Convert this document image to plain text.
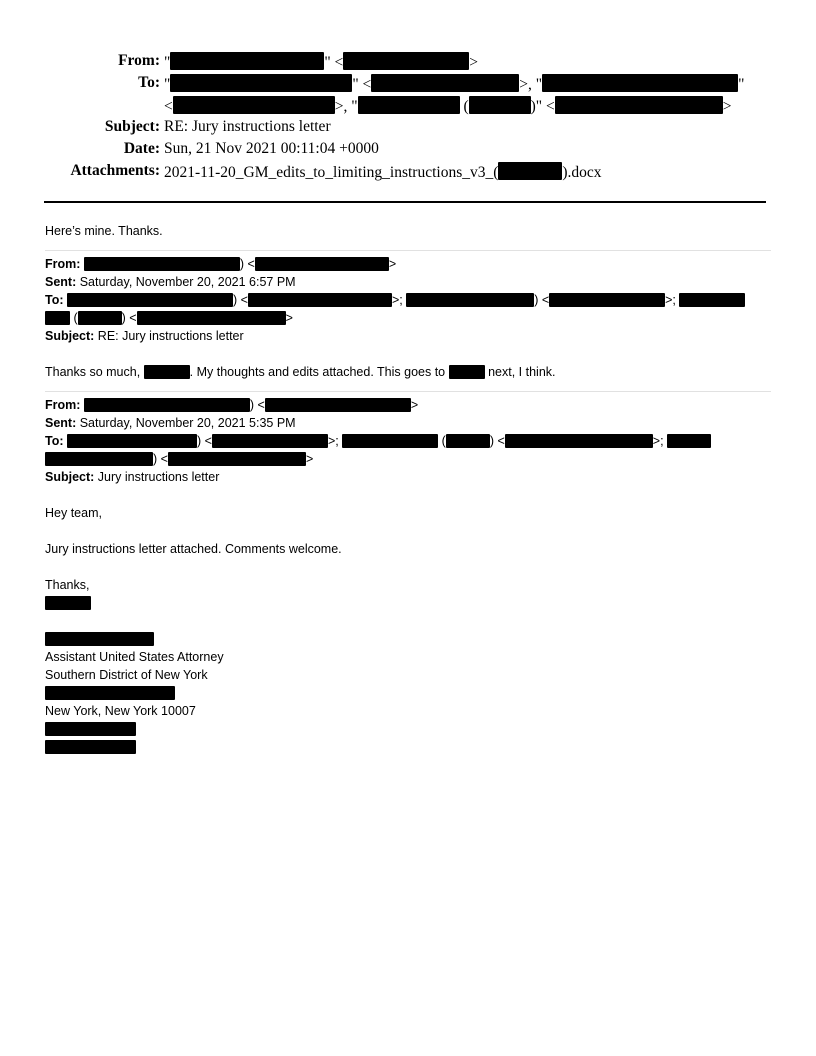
From: "	" <	>
To: "	" <	>, "	"
<	>, "	(	)" <	>
Subject: RE: Jury instructions letter
Date: Sun, 21 Nov 2021 00:11:04 +0000
Attachments: 2021-11-20_GM_edits_to_limiting_instructions_v3_(	).docx
Here’s mine. Thanks.
From:	) <	>
Sent: Saturday, November 20, 2021 6:57 PM
To:	) <	>;	) <	>;
(	) <	>
Subject: RE: Jury instructions letter
Thanks so much,	. My thoughts and edits attached. This goes to	next, I think.
From:	) <	>
Sent: Saturday, November 20, 2021 5:35 PM
To:	) <	>;	(	) <	>;
) <	>
Subject: Jury instructions letter
Hey team,
Jury instructions letter attached. Comments welcome.
Thanks,
Assistant United States Attorney
Southern District of New York
New York, New York 10007
